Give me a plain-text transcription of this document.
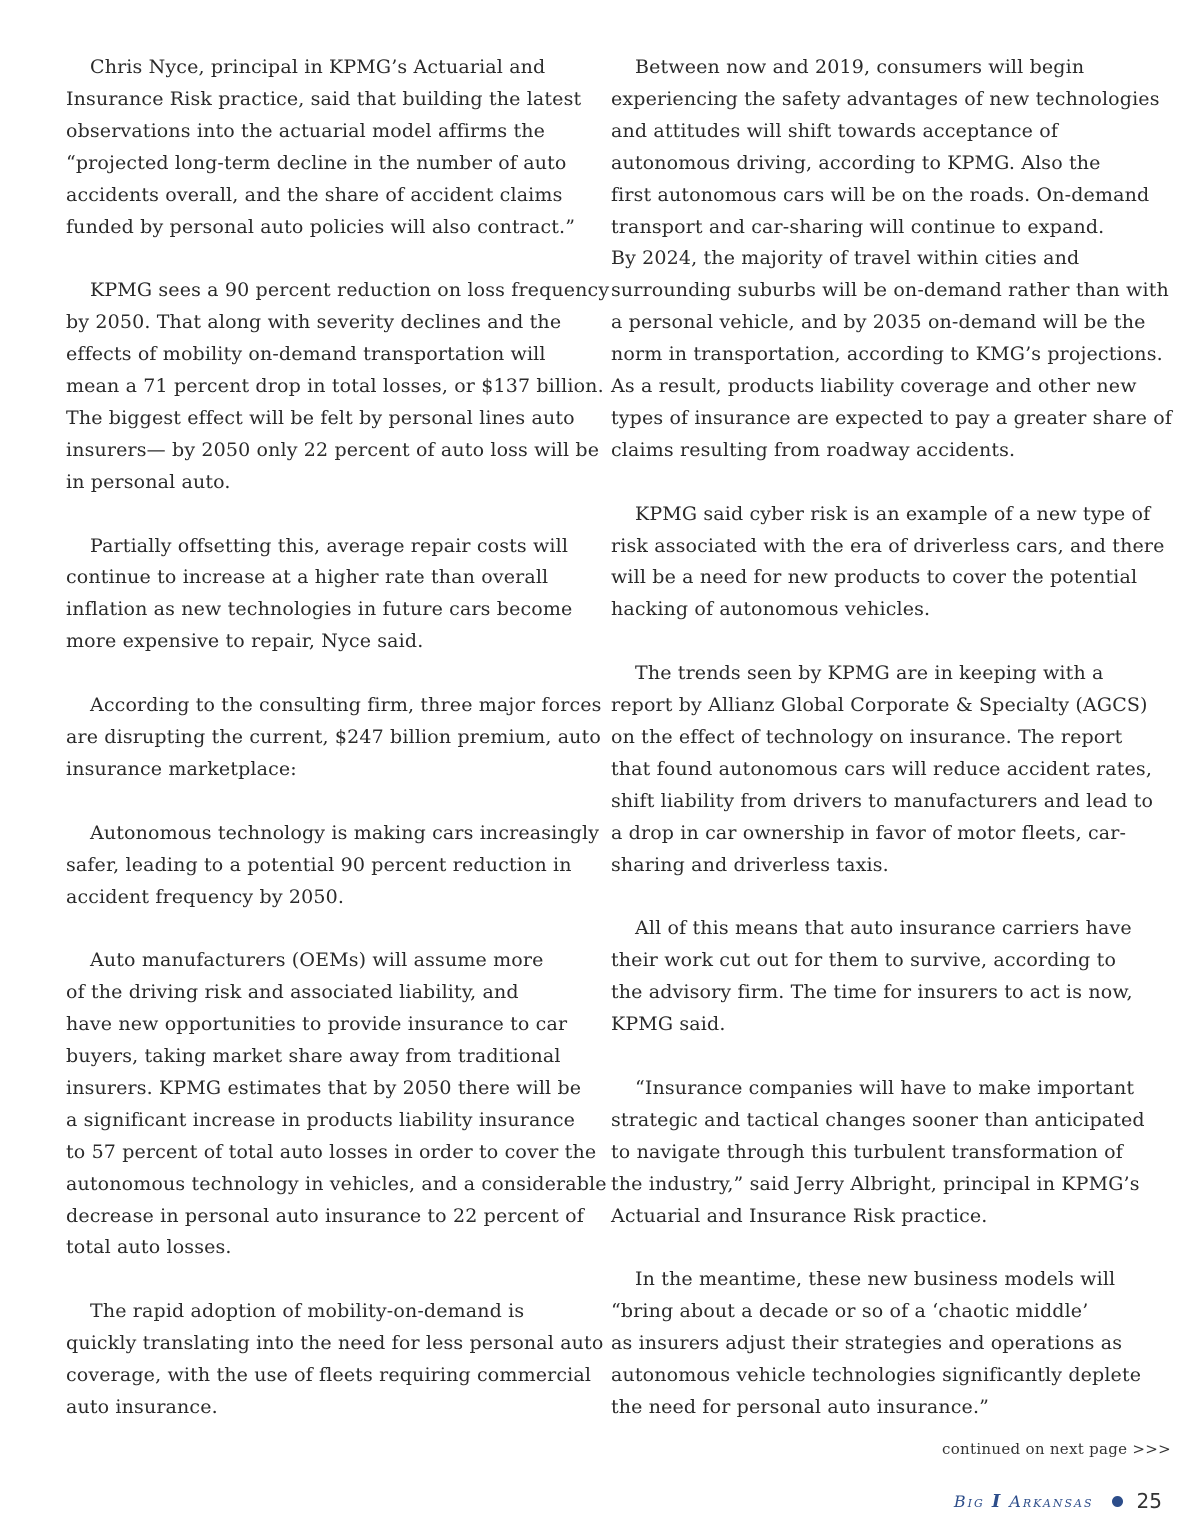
Chris Nyce, principal in KPMG’s Actuarial and
Insurance Risk practice, said that building the latest
observations into the actuarial model affirms the
“projected long-term decline in the number of auto
accidents overall, and the share of accident claims
funded by personal auto policies will also contract.”
KPMG sees a 90 percent reduction on loss frequency
by 2050. That along with severity declines and the
effects of mobility on-demand transportation will
mean a 71 percent drop in total losses, or $137 billion.
The biggest effect will be felt by personal lines auto
insurers— by 2050 only 22 percent of auto loss will be
in personal auto.
Partially offsetting this, average repair costs will
continue to increase at a higher rate than overall
inflation as new technologies in future cars become
more expensive to repair, Nyce said.
According to the consulting firm, three major forces
are disrupting the current, $247 billion premium, auto
insurance marketplace:
Autonomous technology is making cars increasingly
safer, leading to a potential 90 percent reduction in
accident frequency by 2050.
Auto manufacturers (OEMs) will assume more
of the driving risk and associated liability, and
have new opportunities to provide insurance to car
buyers, taking market share away from traditional
insurers. KPMG estimates that by 2050 there will be
a significant increase in products liability insurance
to 57 percent of total auto losses in order to cover the
autonomous technology in vehicles, and a considerable
decrease in personal auto insurance to 22 percent of
total auto losses.
The rapid adoption of mobility-on-demand is
quickly translating into the need for less personal auto
coverage, with the use of fleets requiring commercial
auto insurance.
Between now and 2019, consumers will begin
experiencing the safety advantages of new technologies
and attitudes will shift towards acceptance of
autonomous driving, according to KPMG. Also the
first autonomous cars will be on the roads. On-demand
transport and car-sharing will continue to expand.
By 2024, the majority of travel within cities and
surrounding suburbs will be on-demand rather than with
a personal vehicle, and by 2035 on-demand will be the
norm in transportation, according to KMG’s projections.
As a result, products liability coverage and other new
types of insurance are expected to pay a greater share of
claims resulting from roadway accidents.
KPMG said cyber risk is an example of a new type of
risk associated with the era of driverless cars, and there
will be a need for new products to cover the potential
hacking of autonomous vehicles.
The trends seen by KPMG are in keeping with a
report by Allianz Global Corporate & Specialty (AGCS)
on the effect of technology on insurance. The report
that found autonomous cars will reduce accident rates,
shift liability from drivers to manufacturers and lead to
a drop in car ownership in favor of motor fleets, car-
sharing and driverless taxis.
All of this means that auto insurance carriers have
their work cut out for them to survive, according to
the advisory firm. The time for insurers to act is now,
KPMG said.
“Insurance companies will have to make important
strategic and tactical changes sooner than anticipated
to navigate through this turbulent transformation of
the industry,” said Jerry Albright, principal in KPMG’s
Actuarial and Insurance Risk practice.
In the meantime, these new business models will
“bring about a decade or so of a ‘chaotic middle’
as insurers adjust their strategies and operations as
autonomous vehicle technologies significantly deplete
the need for personal auto insurance.”
continued on next page >>>
Big I Arkansas 25
